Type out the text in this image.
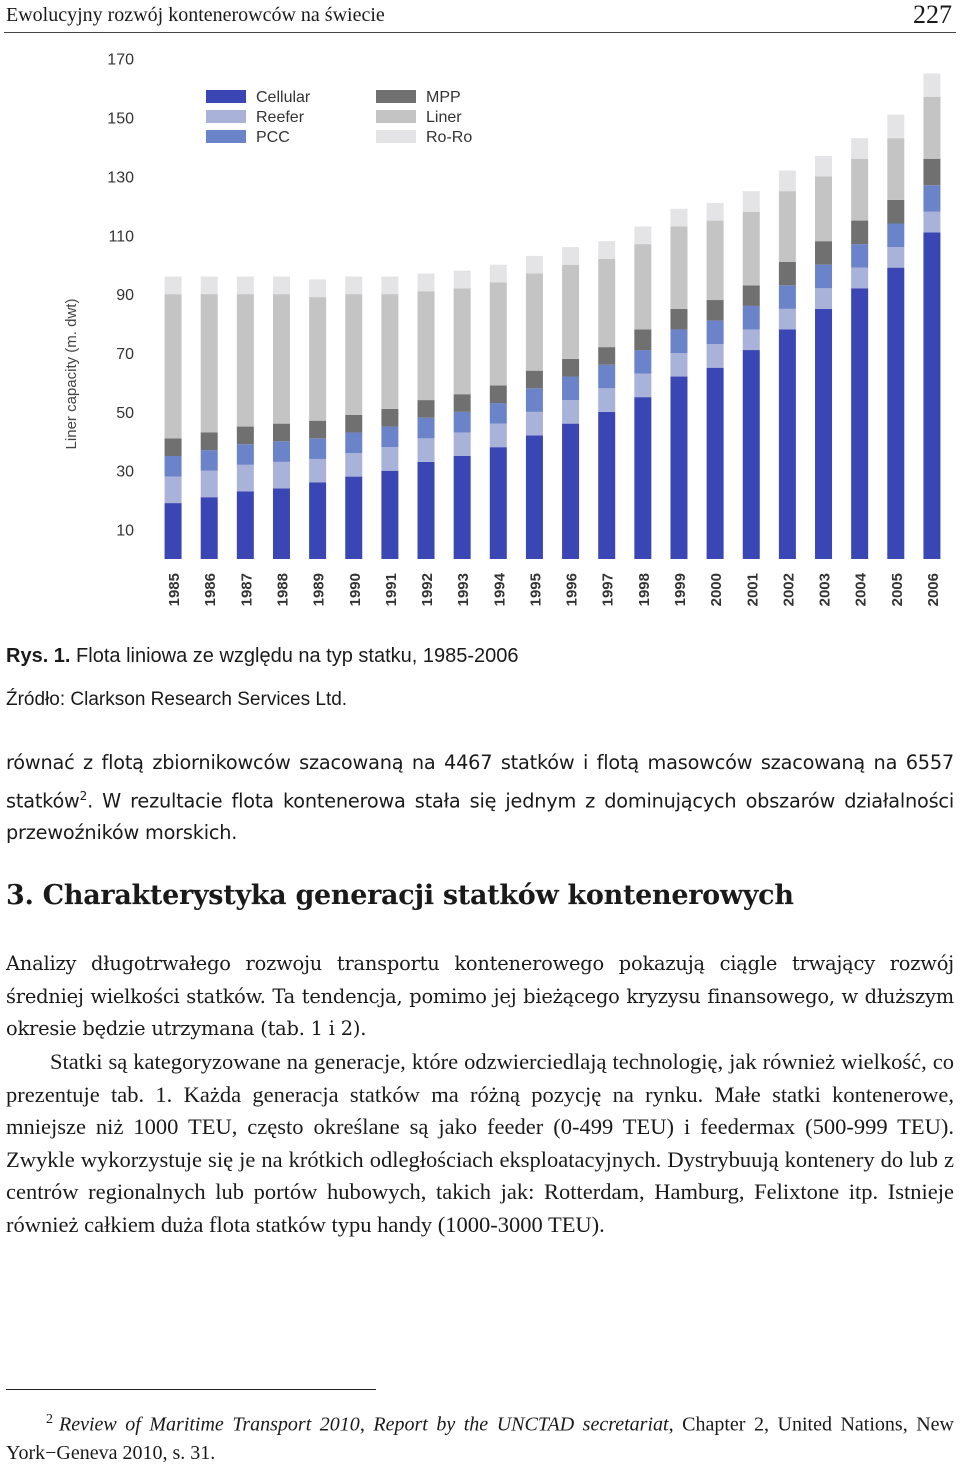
Ewolucyjny rozwój kontenerowców na świecie	227
10
30
50
70
90
110
130
150
170
1985 1986 1987 1988 1989 1990 1991 1992 1993 1994 1995 1996 1997 1998 1999 2000 2001 2002 2003 2004 2005 2006
Cellular
Reefer
PCC
MPP
Liner
Ro-Ro
Liner capacity (m. dwt)
Rys. 1. Flota liniowa ze względu na typ statku, 1985-2006
Źródło: Clarkson Research Services Ltd.
równać z flotą zbiornikowców szacowaną na 4467 statków i flotą masowców szacowaną na 6557 statków$^2$. W rezultacie flota kontenerowa stała się jednym z dominujących obszarów działalności przewoźników morskich.
3. Charakterystyka generacji statków kontenerowych
Analizy długotrwałego rozwoju transportu kontenerowego pokazują ciągle trwający rozwój średniej wielkości statków. Ta tendencja, pomimo jej bieżącego kryzysu finansowego, w dłuższym okresie będzie utrzymana (tab. 1 i 2).
Statki są kategoryzowane na generacje, które odzwierciedlają technologię, jak również wielkość, co prezentuje tab. 1. Każda generacja statków ma różną pozycję na rynku. Małe statki kontenerowe, mniejsze niż 1000 TEU, często określane są jako feeder (0-499 TEU) i feedermax (500-999 TEU). Zwykle wykorzystuje się je na krótkich odległościach eksploatacyjnych. Dystrybuują kontenery do lub z centrów regionalnych lub portów hubowych, takich jak: Rotterdam, Hamburg, Felixtone itp. Istnieje również całkiem duża flota statków typu handy (1000-3000 TEU).
$^2$ Review of Maritime Transport 2010, Report by the UNCTAD secretariat, Chapter 2, United Nations, New York−Geneva 2010, s. 31.
